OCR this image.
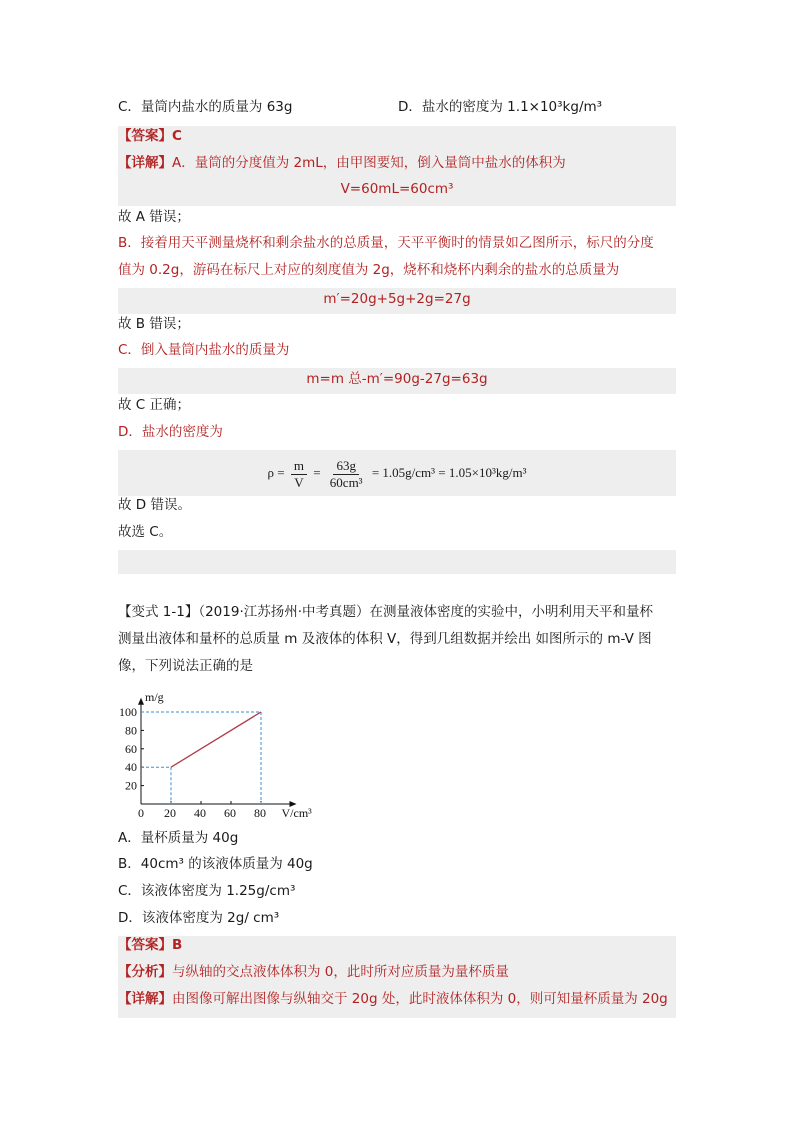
C．量筒内盐水的质量为 63g	D．盐水的密度为 1.1×10³kg/m³
【答案】C
【详解】A．量筒的分度值为 2mL，由甲图要知，倒入量筒中盐水的体积为
V=60mL=60cm³
故 A 错误；
B．接着用天平测量烧杯和剩余盐水的总质量，天平平衡时的情景如乙图所示，标尺的分度
值为 0.2g，游码在标尺上对应的刻度值为 2g，烧杯和烧杯内剩余的盐水的总质量为
m′=20g+5g+2g=27g
故 B 错误；
C．倒入量筒内盐水的质量为
m=m 总-m′=90g-27g=63g
故 C 正确；
D．盐水的密度为
$\rho = \frac{m}{V} = \frac{63g}{\text{60cm³}} = 1.05g/cm^3 = 1.05\times 10^3kg/m^3$
故 D 错误。
故选 C。
【变式 1-1】（2019·江苏扬州·中考真题）在测量液体密度的实验中，小明利用天平和量杯
测量出液体和量杯的总质量 m 及液体的体积 V，得到几组数据并绘出 如图所示的 m-V 图
像，下列说法正确的是
m/g
V/cm³
0 20 40 60 80
20
40
60
80
100
A．量杯质量为 40g
B．40cm³ 的该液体质量为 40g
C．该液体密度为 1.25g/cm³
D．该液体密度为 2g/ cm³
【答案】B
【分析】与纵轴的交点液体体积为 0，此时所对应质量为量杯质量
【详解】由图像可解出图像与纵轴交于 20g 处，此时液体体积为 0，则可知量杯质量为 20g
